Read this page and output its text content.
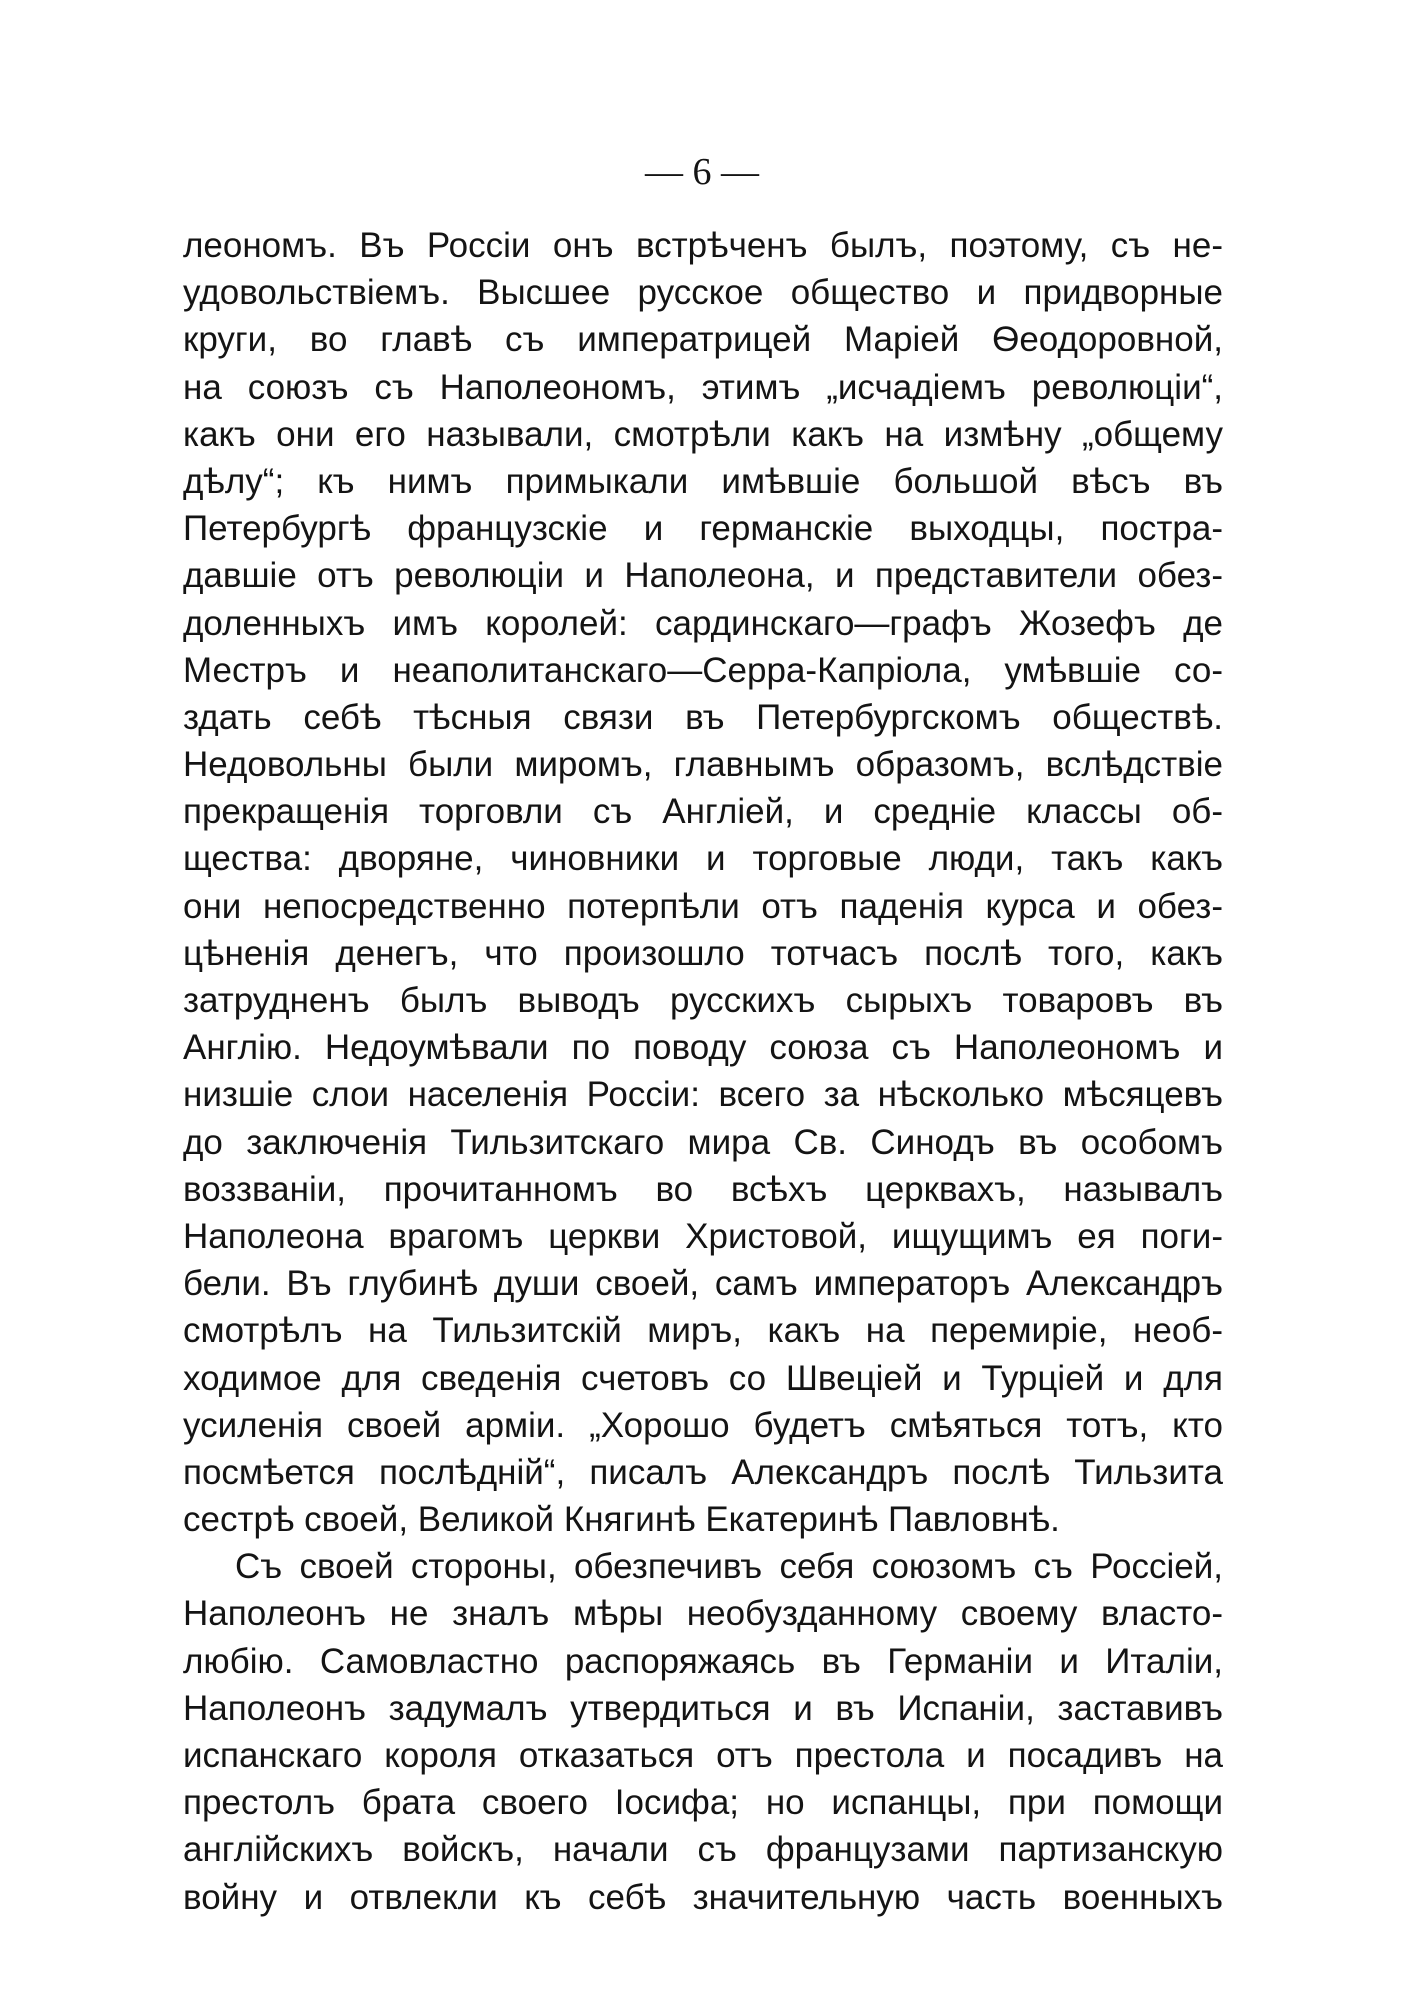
— 6 —
леономъ. Въ Россіи онъ встрѣченъ былъ, поэтому, съ не-
удовольствіемъ. Высшее русское общество и придворные
круги, во главѣ съ императрицей Маріей Ѳеодоровной,
на союзъ съ Наполеономъ, этимъ „исчадіемъ революціи“,
какъ они его называли, смотрѣли какъ на измѣну „общему
дѣлу“; къ нимъ примыкали имѣвшіе большой вѣсъ въ
Петербургѣ французскіе и германскіе выходцы, постра-
давшіе отъ революціи и Наполеона, и представители обез-
доленныхъ имъ королей: сардинскаго—графъ Жозефъ де
Местръ и неаполитанскаго—Серра-Капріола, умѣвшіе со-
здать себѣ тѣсныя связи въ Петербургскомъ обществѣ.
Недовольны были миромъ, главнымъ образомъ, вслѣдствіе
прекращенія торговли съ Англіей, и средніе классы об-
щества: дворяне, чиновники и торговые люди, такъ какъ
они непосредственно потерпѣли отъ паденія курса и обез-
цѣненія денегъ, что произошло тотчасъ послѣ того, какъ
затрудненъ былъ выводъ русскихъ сырыхъ товаровъ въ
Англію. Недоумѣвали по поводу союза съ Наполеономъ и
низшіе слои населенія Россіи: всего за нѣсколько мѣсяцевъ
до заключенія Тильзитскаго мира Св. Синодъ въ особомъ
воззваніи, прочитанномъ во всѣхъ церквахъ, называлъ
Наполеона врагомъ церкви Христовой, ищущимъ ея поги-
бели. Въ глубинѣ души своей, самъ императоръ Александръ
смотрѣлъ на Тильзитскій миръ, какъ на перемиріе, необ-
ходимое для сведенія счетовъ со Швеціей и Турціей и для
усиленія своей арміи. „Хорошо будетъ смѣяться тотъ, кто
посмѣется послѣдній“, писалъ Александръ послѣ Тильзита
сестрѣ своей, Великой Княгинѣ Екатеринѣ Павловнѣ.
Съ своей стороны, обезпечивъ себя союзомъ съ Россіей,
Наполеонъ не зналъ мѣры необузданному своему власто-
любію. Самовластно распоряжаясь въ Германіи и Италіи,
Наполеонъ задумалъ утвердиться и въ Испаніи, заставивъ
испанскаго короля отказаться отъ престола и посадивъ на
престолъ брата своего Іосифа; но испанцы, при помощи
англійскихъ войскъ, начали съ французами партизанскую
войну и отвлекли къ себѣ значительную часть военныхъ
